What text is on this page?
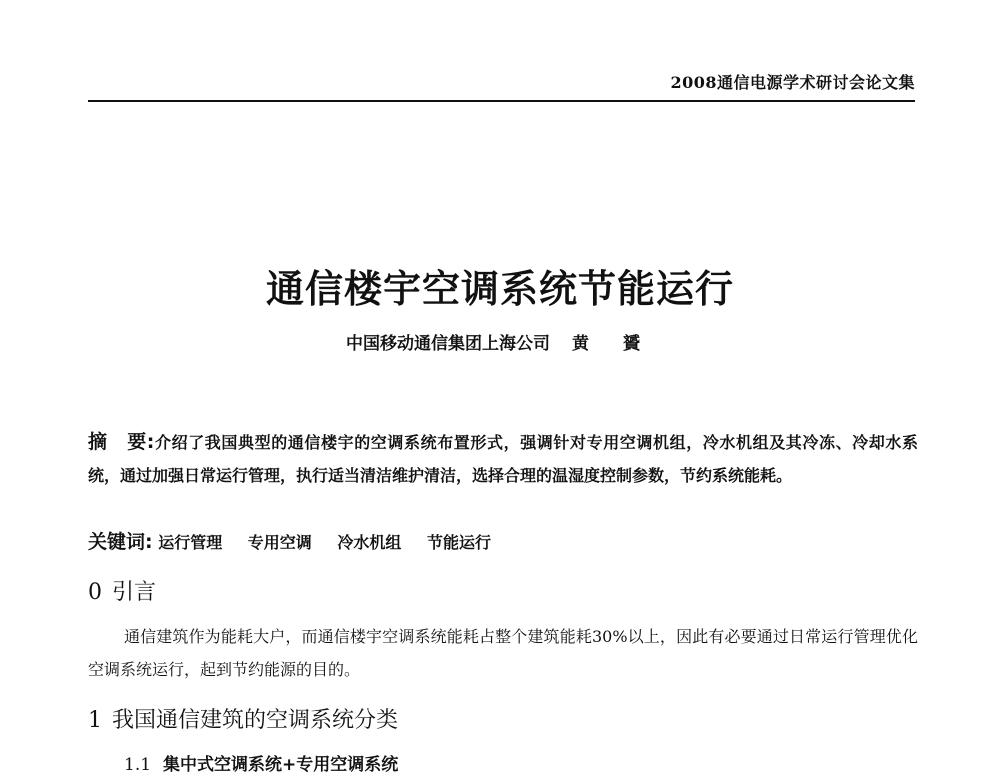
2008通信电源学术研讨会论文集
通信楼宇空调系统节能运行
中国移动通信集团上海公司 黄 贇
摘　要:介绍了我国典型的通信楼宇的空调系统布置形式，强调针对专用空调机组，冷水机组及其冷冻、冷却水系统，通过加强日常运行管理，执行适当清洁维护清洁，选择合理的温湿度控制参数，节约系统能耗。
关键词: 运行管理 专用空调 冷水机组 节能运行
0 引言
通信建筑作为能耗大户，而通信楼宇空调系统能耗占整个建筑能耗30%以上，因此有必要通过日常运行管理优化空调系统运行，起到节约能源的目的。
1 我国通信建筑的空调系统分类
1.1 集中式空调系统+专用空调系统
